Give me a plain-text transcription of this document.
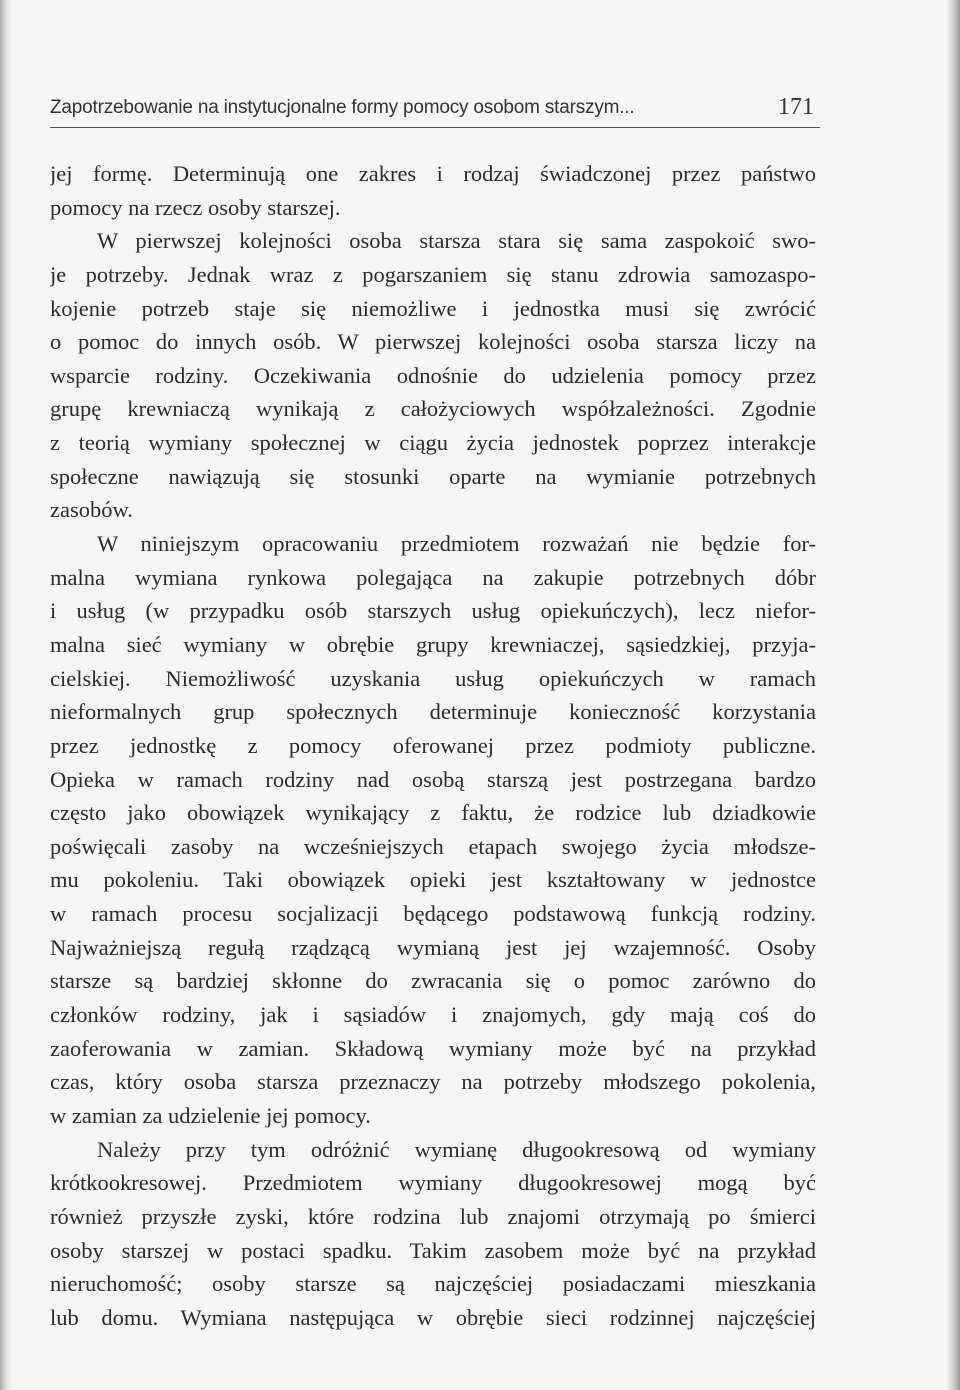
Zapotrzebowanie na instytucjonalne formy pomocy osobom starszym...	171
jej formę. Determinują one zakres i rodzaj świadczonej przez państwo
pomocy na rzecz osoby starszej.
W pierwszej kolejności osoba starsza stara się sama zaspokoić swo-
je potrzeby. Jednak wraz z pogarszaniem się stanu zdrowia samozaspo-
kojenie potrzeb staje się niemożliwe i jednostka musi się zwrócić
o pomoc do innych osób. W pierwszej kolejności osoba starsza liczy na
wsparcie rodziny. Oczekiwania odnośnie do udzielenia pomocy przez
grupę krewniaczą wynikają z całożyciowych współzależności. Zgodnie
z teorią wymiany społecznej w ciągu życia jednostek poprzez interakcje
społeczne nawiązują się stosunki oparte na wymianie potrzebnych
zasobów.
W niniejszym opracowaniu przedmiotem rozważań nie będzie for-
malna wymiana rynkowa polegająca na zakupie potrzebnych dóbr
i usług (w przypadku osób starszych usług opiekuńczych), lecz niefor-
malna sieć wymiany w obrębie grupy krewniaczej, sąsiedzkiej, przyja-
cielskiej. Niemożliwość uzyskania usług opiekuńczych w ramach
nieformalnych grup społecznych determinuje konieczność korzystania
przez jednostkę z pomocy oferowanej przez podmioty publiczne.
Opieka w ramach rodziny nad osobą starszą jest postrzegana bardzo
często jako obowiązek wynikający z faktu, że rodzice lub dziadkowie
poświęcali zasoby na wcześniejszych etapach swojego życia młodsze-
mu pokoleniu. Taki obowiązek opieki jest kształtowany w jednostce
w ramach procesu socjalizacji będącego podstawową funkcją rodziny.
Najważniejszą regułą rządzącą wymianą jest jej wzajemność. Osoby
starsze są bardziej skłonne do zwracania się o pomoc zarówno do
członków rodziny, jak i sąsiadów i znajomych, gdy mają coś do
zaoferowania w zamian. Składową wymiany może być na przykład
czas, który osoba starsza przeznaczy na potrzeby młodszego pokolenia,
w zamian za udzielenie jej pomocy.
Należy przy tym odróżnić wymianę długookresową od wymiany
krótkookresowej. Przedmiotem wymiany długookresowej mogą być
również przyszłe zyski, które rodzina lub znajomi otrzymają po śmierci
osoby starszej w postaci spadku. Takim zasobem może być na przykład
nieruchomość; osoby starsze są najczęściej posiadaczami mieszkania
lub domu. Wymiana następująca w obrębie sieci rodzinnej najczęściej
